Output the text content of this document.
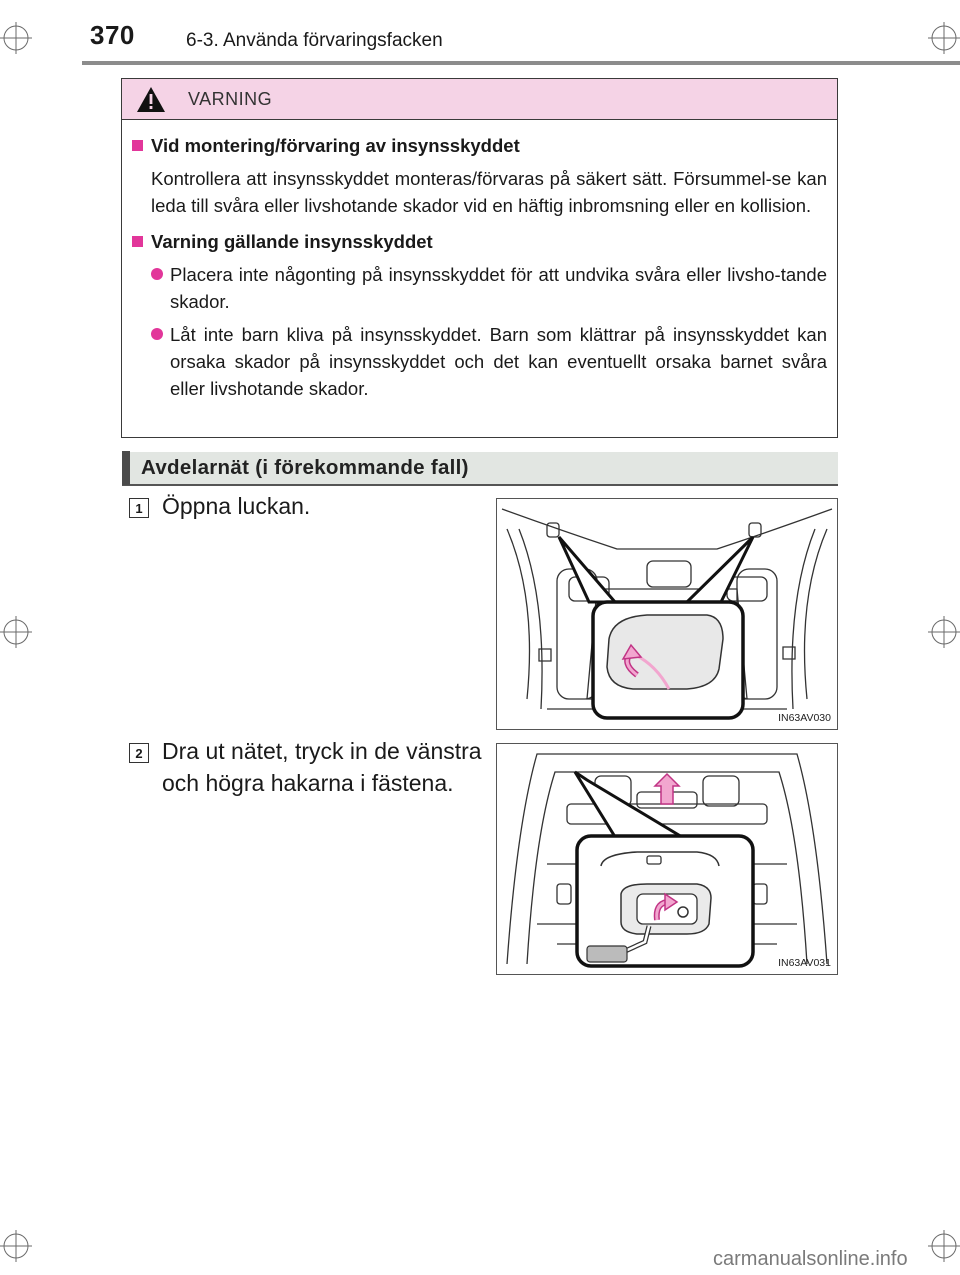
370	6-3. Använda förvaringsfacken
VARNING
Vid montering/förvaring av insynsskyddet
Kontrollera att insynsskyddet monteras/förvaras på säkert sätt. Försummel-se kan leda till svåra eller livshotande skador vid en häftig inbromsning eller en kollision.
Varning gällande insynsskyddet
Placera inte någonting på insynsskyddet för att undvika svåra eller livsho-tande skador.
Låt inte barn kliva på insynsskyddet. Barn som klättrar på insynsskyddet kan orsaka skador på insynsskyddet och det kan eventuellt orsaka barnet svåra eller livshotande skador.
Avdelarnät (i förekommande fall)
1 Öppna luckan.
IN63AV030
2 Dra ut nätet, tryck in de vänstra och högra hakarna i fästena.
IN63AV031
carmanualsonline.info
